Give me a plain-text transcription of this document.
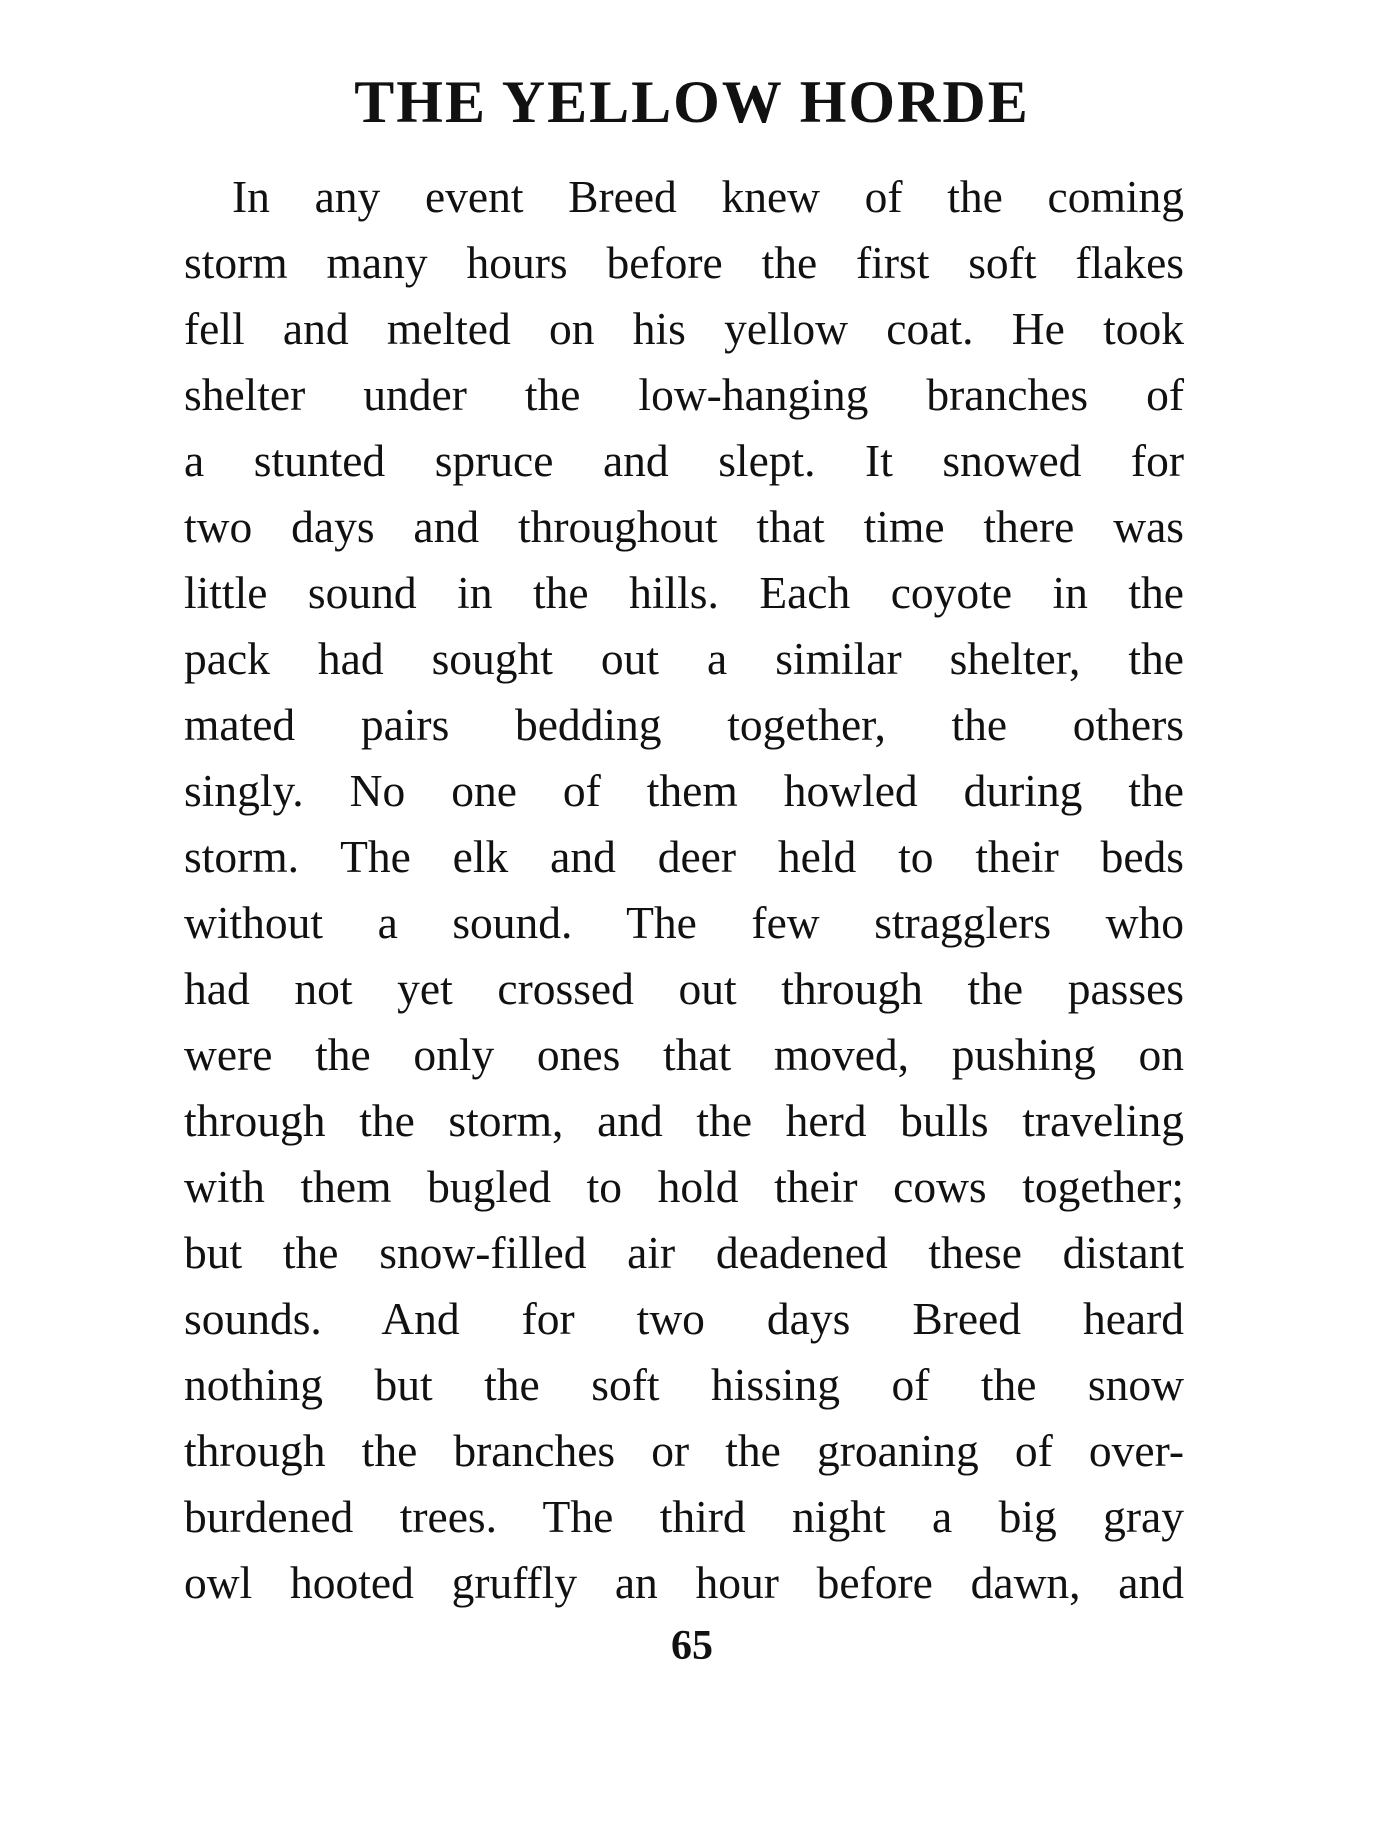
THE YELLOW HORDE
In any event Breed knew of the coming
storm many hours before the first soft flakes
fell and melted on his yellow coat. He took
shelter under the low-hanging branches of
a stunted spruce and slept. It snowed for
two days and throughout that time there was
little sound in the hills. Each coyote in the
pack had sought out a similar shelter, the
mated pairs bedding together, the others
singly. No one of them howled during the
storm. The elk and deer held to their beds
without a sound. The few stragglers who
had not yet crossed out through the passes
were the only ones that moved, pushing on
through the storm, and the herd bulls traveling
with them bugled to hold their cows together;
but the snow-filled air deadened these distant
sounds. And for two days Breed heard
nothing but the soft hissing of the snow
through the branches or the groaning of over-
burdened trees. The third night a big gray
owl hooted gruffly an hour before dawn, and
65
